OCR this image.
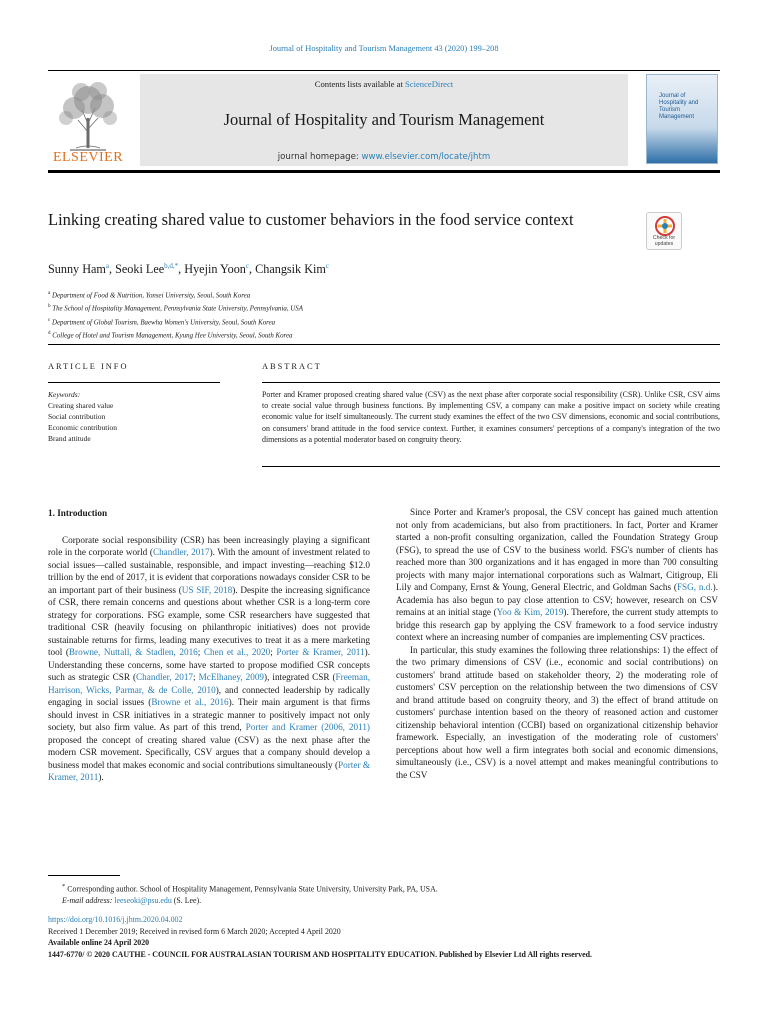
Journal of Hospitality and Tourism Management 43 (2020) 199–208
ELSEVIER
Contents lists available at ScienceDirect
Journal of Hospitality and Tourism Management
journal homepage: www.elsevier.com/locate/jhtm
Journal of Hospitality and Tourism Management
Linking creating shared value to customer behaviors in the food service context
Check for updates
Sunny Ham$^a$, Seoki Lee$^{b,d,*}$, Hyejin Yoon$^c$, Changsik Kim$^c$
$^a$ Department of Food & Nutrition, Yonsei University, Seoul, South Korea
$^b$ The School of Hospitality Management, Pennsylvania State University, Pennsylvania, USA
$^c$ Department of Global Tourism, Baewha Women's University, Seoul, South Korea
$^d$ College of Hotel and Tourism Management, Kyung Hee University, Seoul, South Korea
ARTICLE INFO
Keywords:
Creating shared value
Social contribution
Economic contribution
Brand attitude
ABSTRACT
Porter and Kramer proposed creating shared value (CSV) as the next phase after corporate social responsibility (CSR). Unlike CSR, CSV aims to create social value through business functions. By implementing CSV, a company can make a positive impact on society while creating economic value for itself simultaneously. The current study examines the effect of the two CSV dimensions, economic and social contributions, on consumers' brand attitude in the food service context. Further, it examines consumers' perceptions of a company's integration of the two dimensions as a potential moderator based on congruity theory.
1. Introduction

Corporate social responsibility (CSR) has been increasingly playing a significant role in the corporate world (Chandler, 2017). With the amount of investment related to social issues—called sustainable, responsible, and impact investing—reaching $12.0 trillion by the end of 2017, it is evident that corporations nowadays consider CSR to be an important part of their business (US SIF, 2018). Despite the increasing significance of CSR, there remain concerns and questions about whether CSR is a long-term core strategy for corporations. FSG example, some CSR researchers have suggested that traditional CSR (heavily focusing on philanthropic initiatives) does not provide sustainable returns for firms, leading many executives to treat it as a mere marketing tool (Browne, Nuttall, & Stadlen, 2016; Chen et al., 2020; Porter & Kramer, 2011). Understanding these concerns, some have started to propose modified CSR concepts such as strategic CSR (Chandler, 2017; McElhaney, 2009), integrated CSR (Freeman, Harrison, Wicks, Parmar, & de Colle, 2010), and connected leadership by radically engaging in social issues (Browne et al., 2016). Their main argument is that firms should invest in CSR initiatives in a strategic manner to positively impact not only society, but also firm value. As part of this trend, Porter and Kramer (2006, 2011) proposed the concept of creating shared value (CSV) as the next phase after the modern CSR movement. Specifically, CSV argues that a company should develop a business model that makes economic and social contributions simultaneously (Porter & Kramer, 2011).

Since Porter and Kramer's proposal, the CSV concept has gained much attention not only from academicians, but also from practitioners. In fact, Porter and Kramer started a non-profit consulting organization, called the Foundation Strategy Group (FSG), to spread the use of CSV to the business world. FSG's number of clients has reached more than 300 organizations and it has engaged in more than 700 consulting projects with many major international corporations such as Walmart, Citigroup, Eli Lily and Company, Ernst & Young, General Electric, and Goldman Sachs (FSG, n.d.). Academia has also begun to pay close attention to CSV; however, research on CSV remains at an initial stage (Yoo & Kim, 2019). Therefore, the current study attempts to bridge this research gap by applying the CSV framework to a food service industry context where an increasing number of companies are implementing CSV practices.

In particular, this study examines the following three relationships: 1) the effect of the two primary dimensions of CSV (i.e., economic and social contributions) on customers' brand attitude based on stakeholder theory, 2) the moderating role of customers' CSV perception on the relationship between the two dimensions of CSV and brand attitude based on congruity theory, and 3) the effect of brand attitude on customers' purchase intention based on the theory of reasoned action and customer citizenship behavioral intention (CCBI) based on organizational citizenship behavior framework. Especially, an investigation of the moderating role of customers' perceptions about how well a firm integrates both social and economic dimensions, simultaneously (i.e., CSV) is a novel attempt and makes meaningful contributions to the CSV

* Corresponding author. School of Hospitality Management, Pennsylvania State University, University Park, PA, USA.
E-mail address: leeseoki@psu.edu (S. Lee).
https://doi.org/10.1016/j.jhtm.2020.04.002
Received 1 December 2019; Received in revised form 6 March 2020; Accepted 4 April 2020
Available online 24 April 2020
1447-6770/ © 2020 CAUTHE - COUNCIL FOR AUSTRALASIAN TOURISM AND HOSPITALITY EDUCATION. Published by Elsevier Ltd All rights reserved.
